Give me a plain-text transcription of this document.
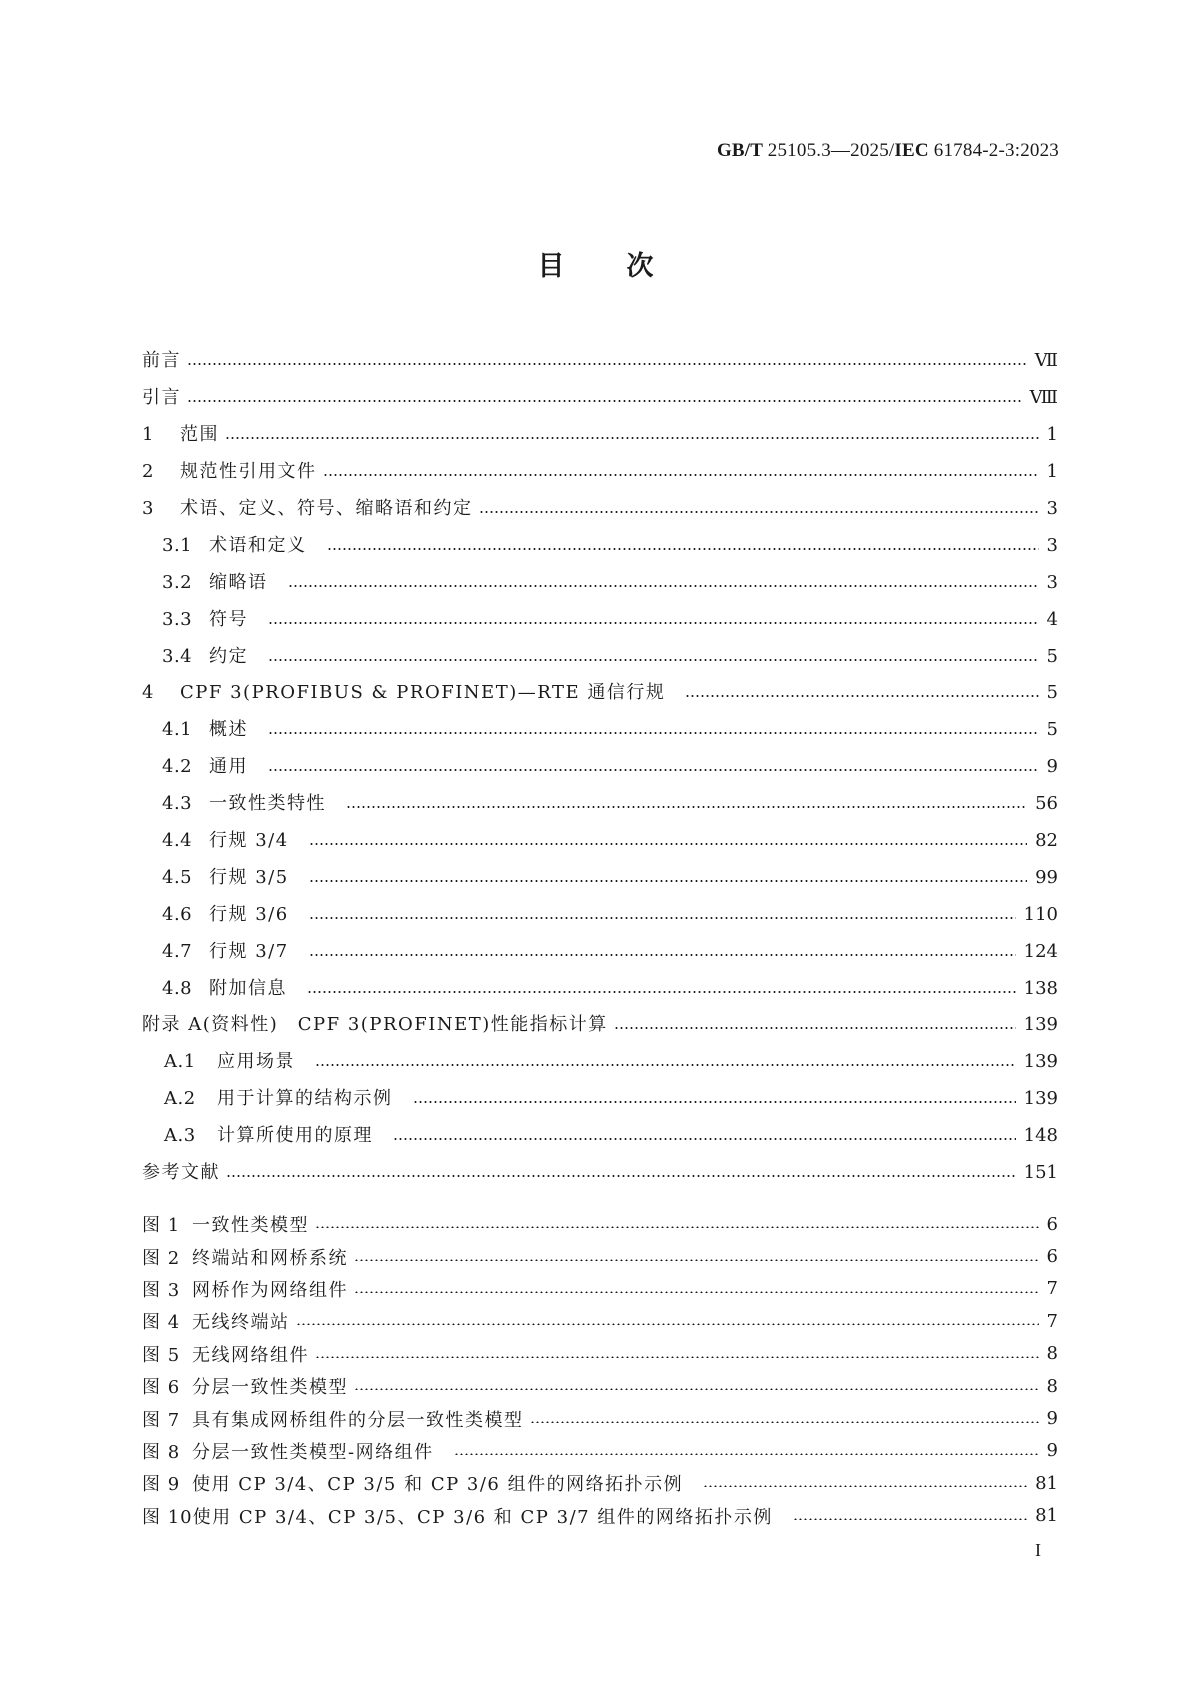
GB/T 25105.3—2025/IEC 61784-2-3:2023
目次
前言	Ⅶ
引言	Ⅷ
1	范围	1
2	规范性引用文件	1
3	术语、定义、符号、缩略语和约定	3
3.1 术语和定义	3
3.2 缩略语	3
3.3 符号	4
3.4 约定	5
4	CPF 3(PROFIBUS & PROFINET)—RTE 通信行规	5
4.1 概述	5
4.2 通用	9
4.3 一致性类特性	56
4.4 行规 3/4	82
4.5 行规 3/5	99
4.6 行规 3/6	110
4.7 行规 3/7	124
4.8 附加信息	138
附录 A(资料性)　CPF 3(PROFINET)性能指标计算	139
A.1	应用场景	139
A.2	用于计算的结构示例	139
A.3	计算所使用的原理	148
参考文献	151
图 1 一致性类模型	6
图 2 终端站和网桥系统	6
图 3 网桥作为网络组件	7
图 4 无线终端站	7
图 5 无线网络组件	8
图 6 分层一致性类模型	8
图 7 具有集成网桥组件的分层一致性类模型	9
图 8 分层一致性类模型-网络组件	9
图 9 使用 CP 3/4、CP 3/5 和 CP 3/6 组件的网络拓扑示例	81
图 10 使用 CP 3/4、CP 3/5、CP 3/6 和 CP 3/7 组件的网络拓扑示例	81
I
